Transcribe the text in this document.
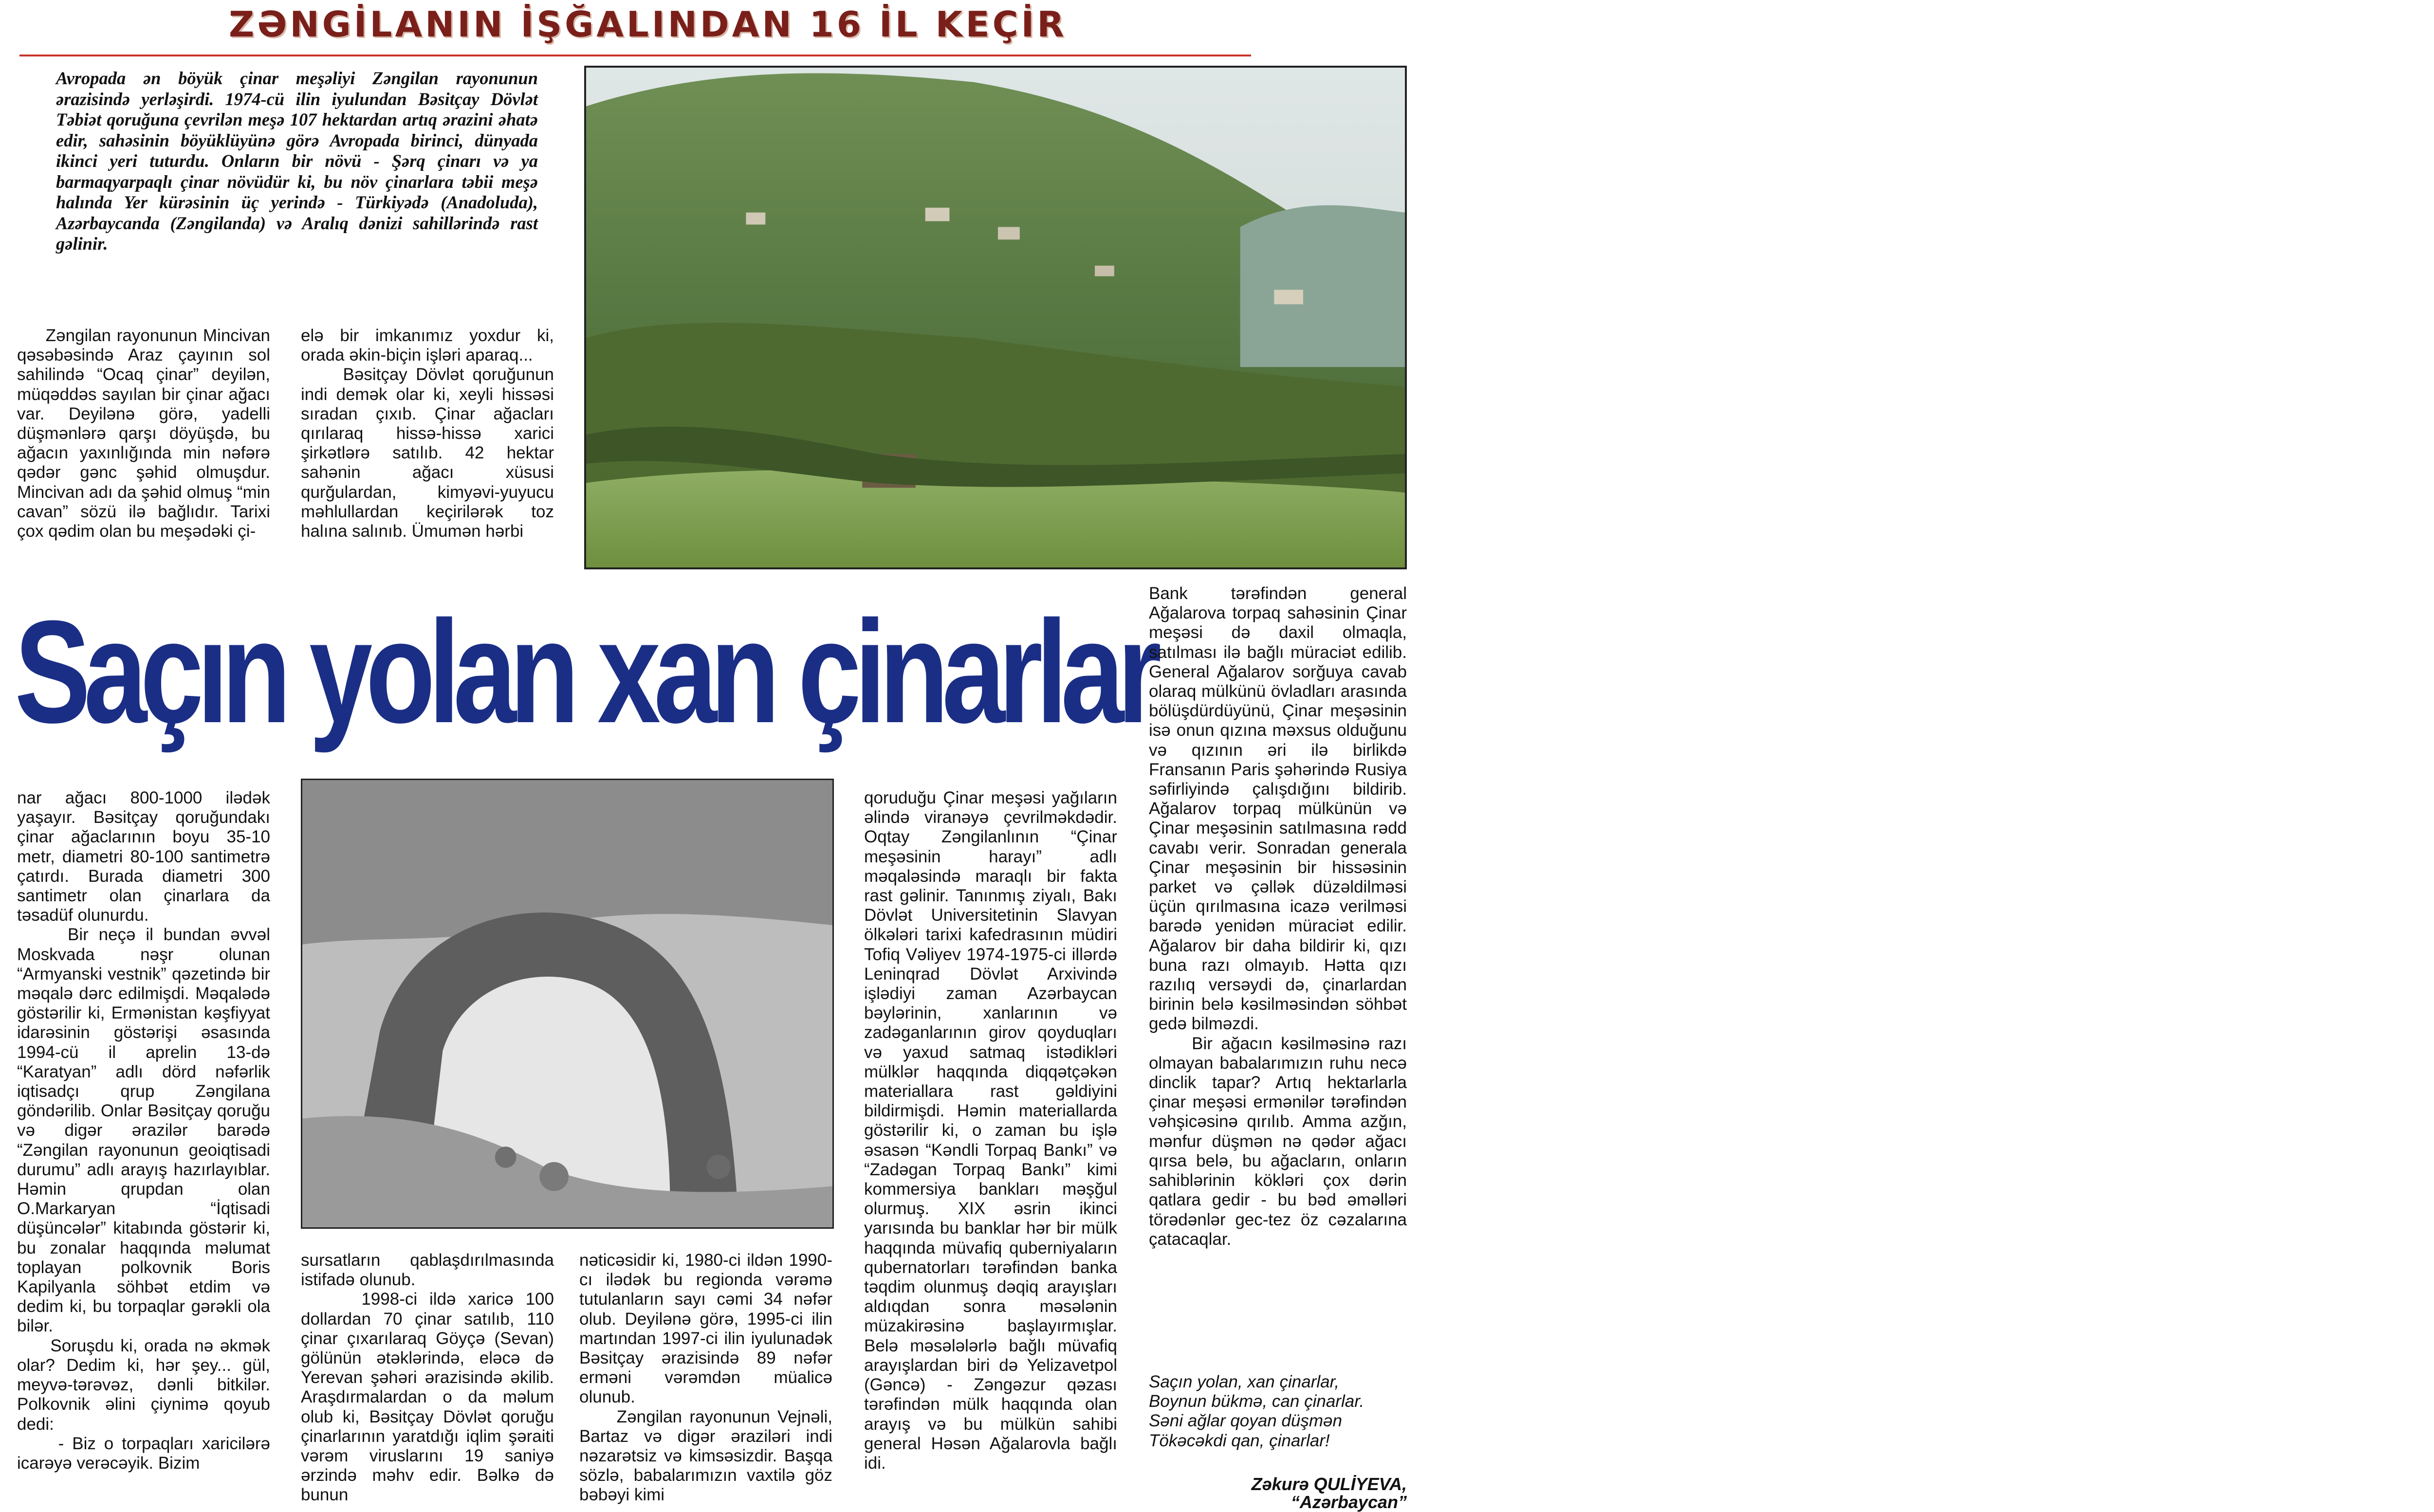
ZƏNGİLANIN İŞĞALINDAN 16 İL KEÇİR
Avropada ən böyük çinar meşəliyi Zəngilan rayonunun ərazisində yerləşirdi. 1974-cü ilin iyulundan Bəsitçay Dövlət Təbiət qoruğuna çevrilən meşə 107 hektardan artıq ərazini əhatə edir, sahəsinin böyüklüyünə görə Avropada birinci, dünyada ikinci yeri tuturdu. Onların bir növü - Şərq çinarı və ya barmaqyarpaqlı çinar növüdür ki, bu növ çinarlara təbii meşə halında Yer kürəsinin üç yerində - Türkiyədə (Anadoluda), Azərbaycanda (Zəngilanda) və Aralıq dənizi sahillərində rast gəlinir.
Zəngilan rayonunun Mincivan qəsəbəsində Araz çayının sol sahilində “Ocaq çinar” deyilən, müqəddəs sayılan bir çinar ağacı var. Deyilənə görə, yadelli düşmənlərə qarşı döyüşdə, bu ağacın yaxınlığında min nəfərə qədər gənc şəhid olmuşdur. Mincivan adı da şəhid olmuş “min cavan” sözü ilə bağlıdır. Tarixi çox qədim olan bu meşədəki çi-
elə bir imkanımız yoxdur ki, orada əkin-biçin işləri aparaq...
Bəsitçay Dövlət qoruğunun indi demək olar ki, xeyli hissəsi sıradan çıxıb. Çinar ağacları qırılaraq hissə-hissə xarici şirkətlərə satılıb. 42 hektar sahənin ağacı xüsusi qurğulardan, kimyəvi-yuyucu məhlullardan keçirilərək toz halına salınıb. Ümumən hərbi
Saçın yolan xan çinarlar
nar ağacı 800-1000 ilədək yaşayır. Bəsitçay qoruğundakı çinar ağaclarının boyu 35-10 metr, diametri 80-100 santimetrə çatırdı. Burada diametri 300 santimetr olan çinarlara da təsadüf olunurdu.
Bir neçə il bundan əvvəl Moskvada nəşr olunan “Armyanski vestnik” qəzetində bir məqalə dərc edilmişdi. Məqalədə göstərilir ki, Ermənistan kəşfiyyat idarəsinin göstərişi əsasında 1994-cü il aprelin 13-də “Karatyan” adlı dörd nəfərlik iqtisadçı qrup Zəngilana göndərilib. Onlar Bəsitçay qoruğu və digər ərazilər barədə “Zəngilan rayonunun geoiqtisadi durumu” adlı arayış hazırlayıblar. Həmin qrupdan olan O.Markaryan “İqtisadi düşüncələr” kitabında göstərir ki, bu zonalar haqqında məlumat toplayan polkovnik Boris Kapilyanla söhbət etdim və dedim ki, bu torpaqlar gərəkli ola bilər.
Soruşdu ki, orada nə əkmək olar? Dedim ki, hər şey... gül, meyvə-tərəvəz, dənli bitkilər. Polkovnik əlini çiynimə qoyub dedi:
- Biz o torpaqları xaricilərə icarəyə verəcəyik. Bizim
sursatların qablaşdırılmasında istifadə olunub.
1998-ci ildə xaricə 100 dollardan 70 çinar satılıb, 110 çinar çıxarılaraq Göyçə (Sevan) gölünün ətəklərində, eləcə də Yerevan şəhəri ərazisində əkilib. Araşdırmalardan o da məlum olub ki, Bəsitçay Dövlət qoruğu çinarlarının yaratdığı iqlim şəraiti vərəm viruslarını 19 saniyə ərzində məhv edir. Bəlkə də bunun
nəticəsidir ki, 1980-ci ildən 1990-cı ilədək bu regionda vərəmə tutulanların sayı cəmi 34 nəfər olub. Deyilənə görə, 1995-ci ilin martından 1997-ci ilin iyulunadək Bəsitçay ərazisində 89 nəfər erməni vərəmdən müalicə olunub.
Zəngilan rayonunun Vejnəli, Bartaz və digər əraziləri indi nəzarətsiz və kimsəsizdir. Başqa sözlə, babalarımızın vaxtilə göz bəbəyi kimi
qoruduğu Çinar meşəsi yağıların əlində viranəyə çevrilməkdədir. Oqtay Zəngilanlının “Çinar meşəsinin harayı” adlı məqaləsində maraqlı bir fakta rast gəlinir. Tanınmış ziyalı, Bakı Dövlət Universitetinin Slavyan ölkələri tarixi kafedrasının müdiri Tofiq Vəliyev 1974-1975-ci illərdə Leninqrad Dövlət Arxivində işlədiyi zaman Azərbaycan bəylərinin, xanlarının və zadəganlarının girov qoyduqları və yaxud satmaq istədikləri mülklər haqqında diqqətçəkən materiallara rast gəldiyini bildirmişdi. Həmin materiallarda göstərilir ki, o zaman bu işlə əsasən “Kəndli Torpaq Bankı” və “Zadəgan Torpaq Bankı” kimi kommersiya bankları məşğul olurmuş. XIX əsrin ikinci yarısında bu banklar hər bir mülk haqqında müvafiq quberniyaların qubernatorları tərəfindən banka təqdim olunmuş dəqiq arayışları aldıqdan sonra məsələnin müzakirəsinə başlayırmışlar. Belə məsələlərlə bağlı müvafiq arayışlardan biri də Yelizavetpol (Gəncə) - Zəngəzur qəzası tərəfindən mülk haqqında olan arayış və bu mülkün sahibi general Həsən Ağalarovla bağlı idi.
Bank tərəfindən general Ağalarova torpaq sahəsinin Çinar meşəsi də daxil olmaqla, satılması ilə bağlı müraciət edilib. General Ağalarov sorğuya cavab olaraq mülkünü övladları arasında bölüşdürdüyünü, Çinar meşəsinin isə onun qızına məxsus olduğunu və qızının əri ilə birlikdə Fransanın Paris şəhərində Rusiya səfirliyində çalışdığını bildirib. Ağalarov torpaq mülkünün və Çinar meşəsinin satılmasına rədd cavabı verir. Sonradan generala Çinar meşəsinin bir hissəsinin parket və çəllək düzəldilməsi üçün qırılmasına icazə verilməsi barədə yenidən müraciət edilir. Ağalarov bir daha bildirir ki, qızı buna razı olmayıb. Hətta qızı razılıq versəydi də, çinarlardan birinin belə kəsilməsindən söhbət gedə bilməzdi.
Bir ağacın kəsilməsinə razı olmayan babalarımızın ruhu necə dinclik tapar? Artıq hektarlarla çinar meşəsi ermənilər tərəfindən vəhşicəsinə qırılıb. Amma azğın, mənfur düşmən nə qədər ağacı qırsa belə, bu ağacların, onların sahiblərinin kökləri çox dərin qatlara gedir - bu bəd əməlləri törədənlər gec-tez öz cəzalarına çatacaqlar.
Saçın yolan, xan çinarlar,
Boynun bükmə, can çinarlar.
Səni ağlar qoyan düşmən
Tökəcəkdi qan, çinarlar!
Zəkurə QULİYEVA,
“Azərbaycan”
